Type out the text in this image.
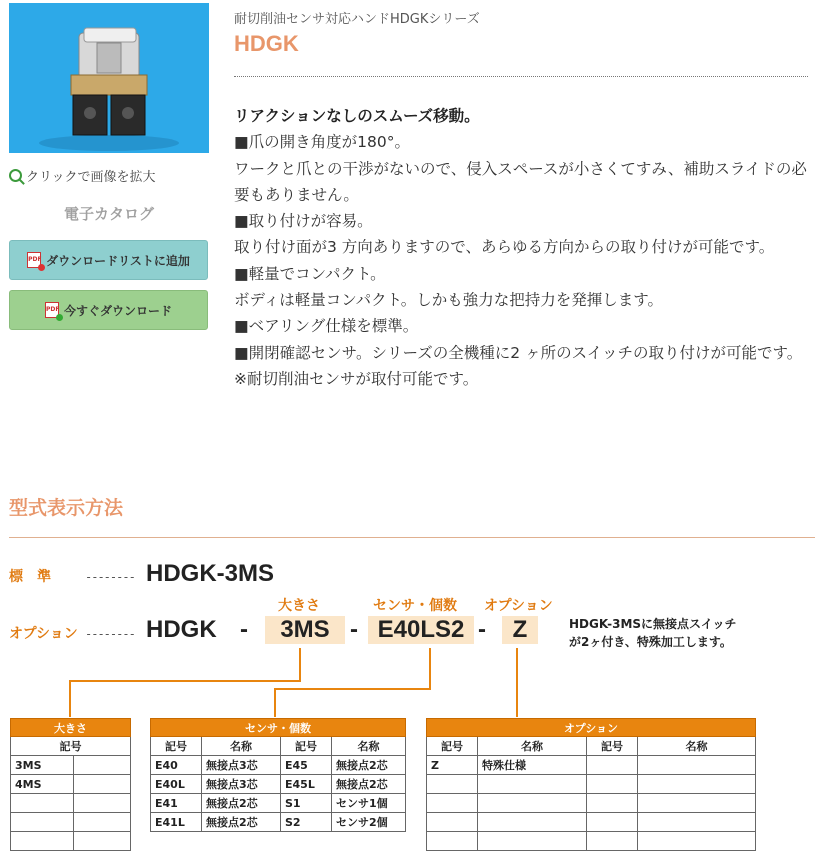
クリックで画像を拡大
電子カタログ
PDF ダウンロードリストに追加
PDF 今すぐダウンロード
耐切削油センサ対応ハンドHDGKシリーズ
HDGK

リアクションなしのスムーズ移動。

■爪の開き角度が180°。

ワークと爪との干渉がないので、侵入スペースが小さくてすみ、補助スライドの必要もありません。

■取り付けが容易。

取り付け面が3 方向ありますので、あらゆる方向からの取り付けが可能です。

■軽量でコンパクト。

ボディは軽量コンパクト。しかも強力な把持力を発揮します。

■ベアリング仕様を標準。

■開閉確認センサ。シリーズの全機種に2 ヶ所のスイッチの取り付けが可能です。

※耐切削油センサが取付可能です。

型式表示方法
標　準	-------- HDGK-3MS
大きさ	センサ・個数 オプション
オプション -------- HDGK -	3MS - E40LS2 -	Z	HDGK-3MSに無接点スイッチ
が2ヶ付き、特殊加工します。
大きさ	
記号	
3MS	
4MS	

センサ・個数			
記号	名称	記号	名称
E40	無接点3芯	E45	無接点2芯
E40L	無接点3芯	E45L	無接点2芯
E41	無接点2芯	S1	センサ1個
E41L	無接点2芯	S2	センサ2個
オプション			
記号	名称	記号	名称
Z	特殊仕様		
